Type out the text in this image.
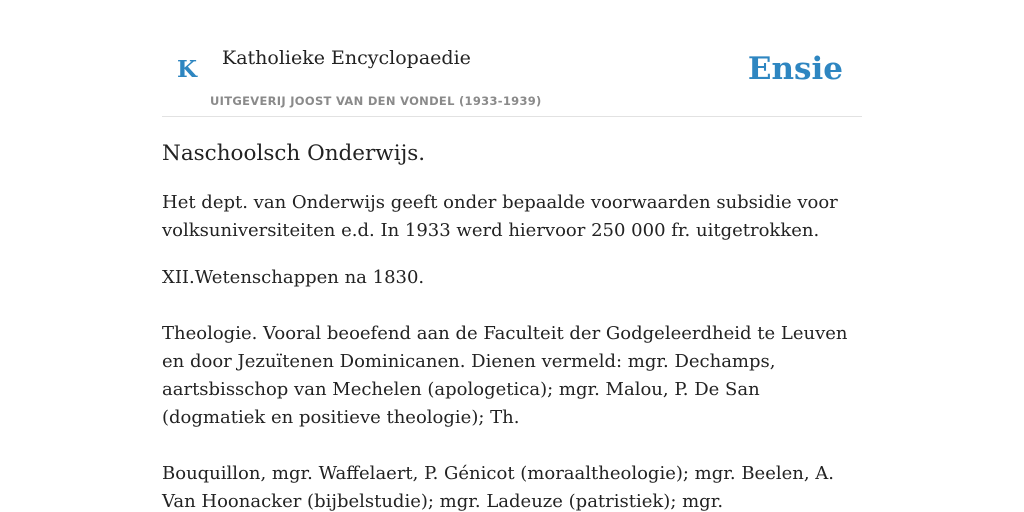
K Katholieke Encyclopaedie
UITGEVERIJ JOOST VAN DEN VONDEL (1933-1939)
Ensie
Naschoolsch Onderwijs.

Het dept. van Onderwijs geeft onder bepaalde voorwaarden subsidie voor volksuniversiteiten e.d. In 1933 werd hiervoor 250 000 fr. uitgetrokken.

XII.Wetenschappen na 1830.

Theologie. Vooral beoefend aan de Faculteit der Godgeleerdheid te Leuven en door Jezuïtenen Dominicanen. Dienen vermeld: mgr. Dechamps, aartsbisschop van Mechelen (apologetica); mgr. Malou, P. De San (dogmatiek en positieve theologie); Th.

Bouquillon, mgr. Waffelaert, P. Génicot (moraaltheologie); mgr. Beelen, A. Van Hoonacker (bijbelstudie); mgr. Ladeuze (patristiek); mgr.
